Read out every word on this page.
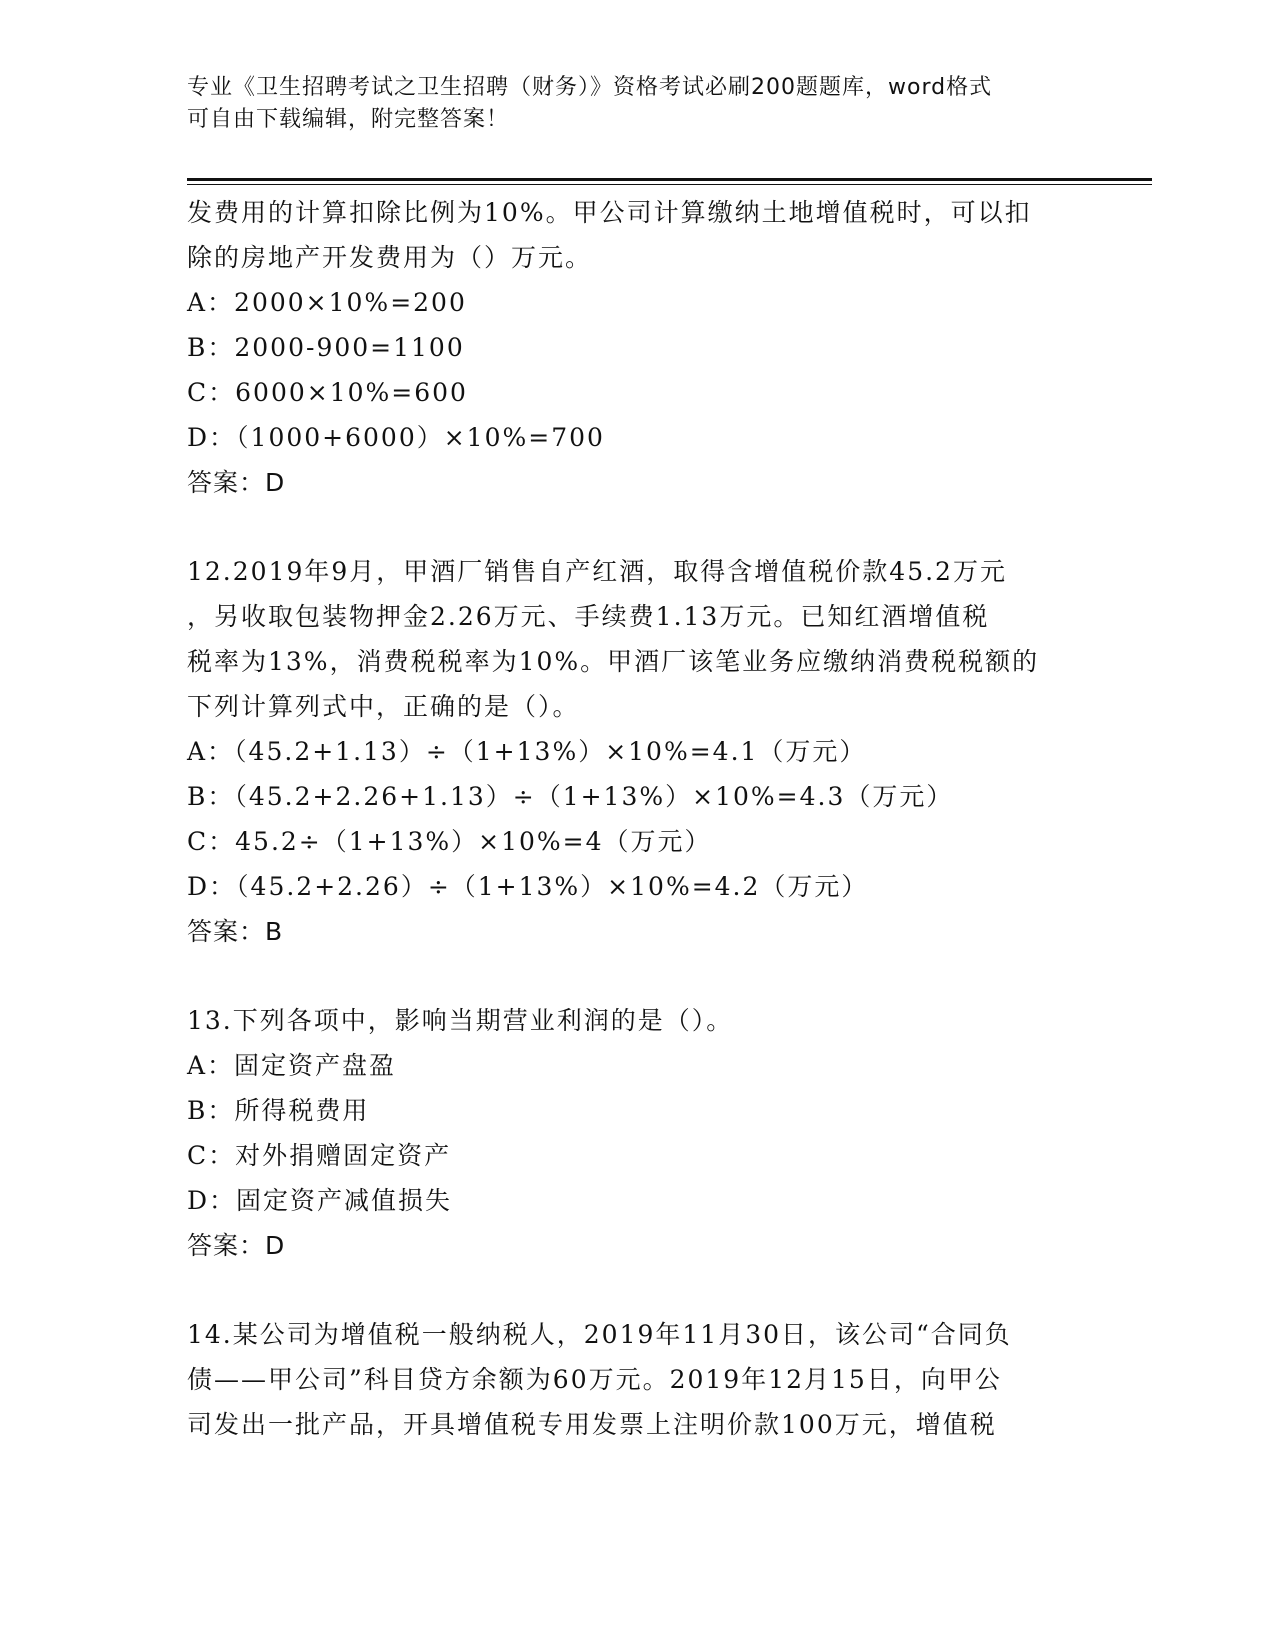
专业《卫生招聘考试之卫生招聘（财务）》资格考试必刷200题题库，word格式
可自由下载编辑，附完整答案！
发费用的计算扣除比例为10%。甲公司计算缴纳土地增值税时，可以扣
除的房地产开发费用为（）万元。
A：2000×10%=200
B：2000-900=1100
C：6000×10%=600
D：（1000+6000）×10%=700
答案：D
12.2019年9月，甲酒厂销售自产红酒，取得含增值税价款45.2万元
，另收取包装物押金2.26万元、手续费1.13万元。已知红酒增值税
税率为13%，消费税税率为10%。甲酒厂该笔业务应缴纳消费税税额的
下列计算列式中，正确的是（）。
A：（45.2+1.13）÷（1+13%）×10%=4.1（万元）
B：（45.2+2.26+1.13）÷（1+13%）×10%=4.3（万元）
C：45.2÷（1+13%）×10%=4（万元）
D：（45.2+2.26）÷（1+13%）×10%=4.2（万元）
答案：B
13.下列各项中，影响当期营业利润的是（）。
A：固定资产盘盈
B：所得税费用
C：对外捐赠固定资产
D：固定资产减值损失
答案：D
14.某公司为增值税一般纳税人，2019年11月30日，该公司“合同负
债——甲公司”科目贷方余额为60万元。2019年12月15日，向甲公
司发出一批产品，开具增值税专用发票上注明价款100万元，增值税
